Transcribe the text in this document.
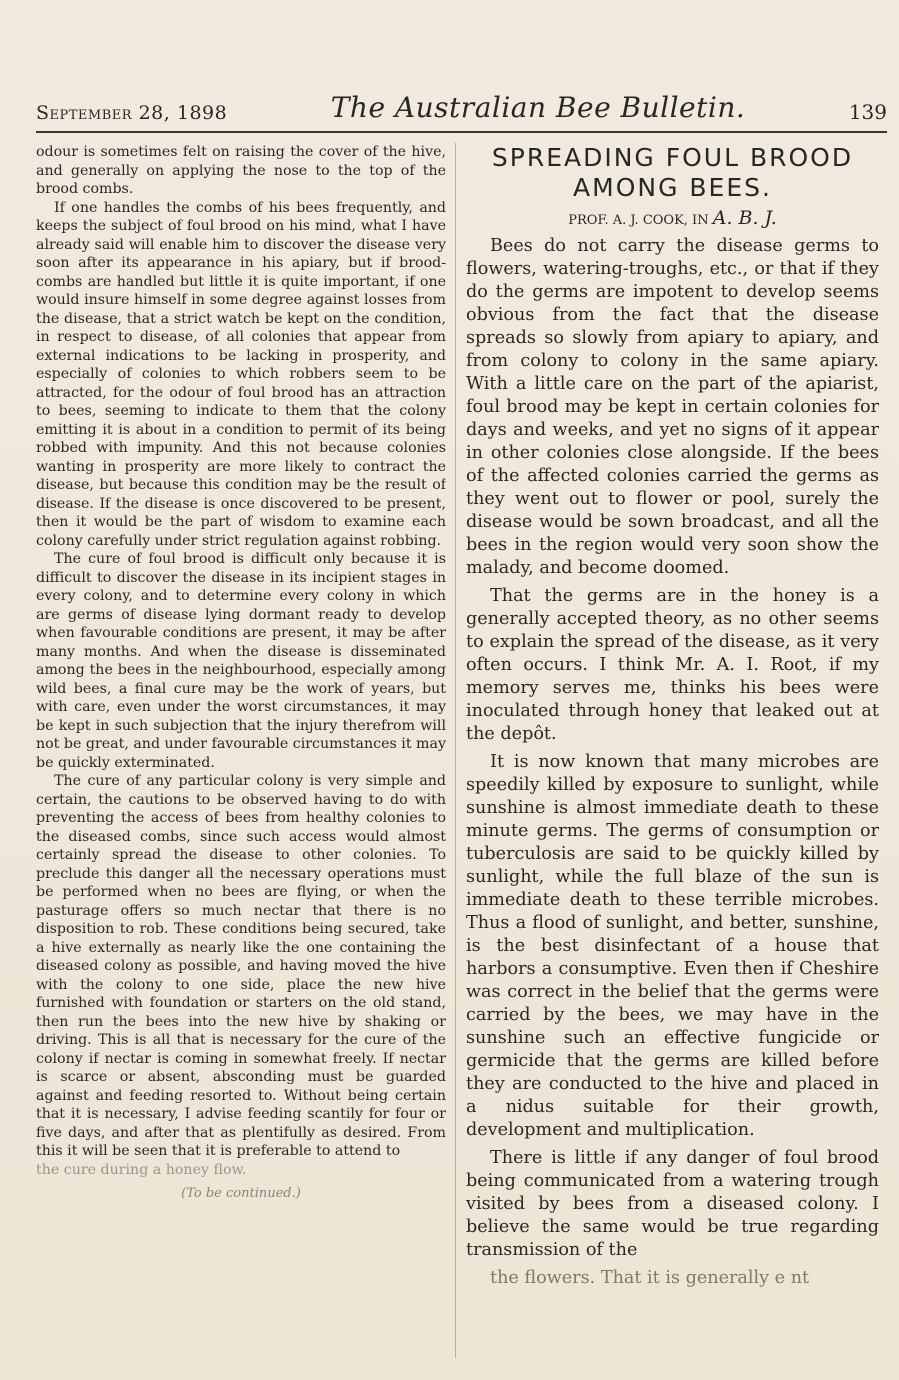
September 28, 1898	The Australian Bee Bulletin.	139

odour is sometimes felt on raising the cover of the hive, and generally on applying the nose to the top of the brood combs.

If one handles the combs of his bees frequently, and keeps the subject of foul brood on his mind, what I have already said will enable him to discover the disease very soon after its appearance in his apiary, but if brood-combs are handled but little it is quite important, if one would insure himself in some degree against losses from the disease, that a strict watch be kept on the condition, in respect to disease, of all colonies that appear from external indications to be lacking in prosperity, and especially of colonies to which robbers seem to be attracted, for the odour of foul brood has an attraction to bees, seeming to indicate to them that the colony emitting it is about in a condition to permit of its being robbed with impunity. And this not because colonies wanting in prosperity are more likely to contract the disease, but because this condition may be the result of disease. If the disease is once discovered to be present, then it would be the part of wisdom to examine each colony carefully under strict regulation against robbing.

The cure of foul brood is difficult only because it is difficult to discover the disease in its incipient stages in every colony, and to determine every colony in which are germs of disease lying dormant ready to develop when favourable conditions are present, it may be after many months. And when the disease is disseminated among the bees in the neighbourhood, especially among wild bees, a final cure may be the work of years, but with care, even under the worst circumstances, it may be kept in such subjection that the injury therefrom will not be great, and under favourable circumstances it may be quickly exterminated.

The cure of any particular colony is very simple and certain, the cautions to be observed having to do with preventing the access of bees from healthy colonies to the diseased combs, since such access would almost certainly spread the disease to other colonies. To preclude this danger all the necessary operations must be performed when no bees are flying, or when the pasturage offers so much nectar that there is no disposition to rob. These conditions being secured, take a hive externally as nearly like the one containing the diseased colony as possible, and having moved the hive with the colony to one side, place the new hive furnished with foundation or starters on the old stand, then run the bees into the new hive by shaking or driving. This is all that is necessary for the cure of the colony if nectar is coming in somewhat freely. If nectar is scarce or absent, absconding must be guarded against and feeding resorted to. Without being certain that it is necessary, I advise feeding scantily for four or five days, and after that as plentifully as desired. From this it will be seen that it is preferable to attend to

the cure during a honey flow.

(To be continued.)
SPREADING FOUL BROOD AMONG BEES.
PROF. A. J. COOK, IN A. B. J.

Bees do not carry the disease germs to flowers, watering-troughs, etc., or that if they do the germs are impotent to develop seems obvious from the fact that the disease spreads so slowly from apiary to apiary, and from colony to colony in the same apiary. With a little care on the part of the apiarist, foul brood may be kept in certain colonies for days and weeks, and yet no signs of it appear in other colonies close alongside. If the bees of the affected colonies carried the germs as they went out to flower or pool, surely the disease would be sown broadcast, and all the bees in the region would very soon show the malady, and become doomed.

That the germs are in the honey is a generally accepted theory, as no other seems to explain the spread of the disease, as it very often occurs. I think Mr. A. I. Root, if my memory serves me, thinks his bees were inoculated through honey that leaked out at the depôt.

It is now known that many microbes are speedily killed by exposure to sunlight, while sunshine is almost immediate death to these minute germs. The germs of consumption or tuberculosis are said to be quickly killed by sunlight, while the full blaze of the sun is immediate death to these terrible microbes. Thus a flood of sunlight, and better, sunshine, is the best disinfectant of a house that harbors a consumptive. Even then if Cheshire was correct in the belief that the germs were carried by the bees, we may have in the sunshine such an effective fungicide or germicide that the germs are killed before they are conducted to the hive and placed in a nidus suitable for their growth, development and multiplication.

There is little if any danger of foul brood being communicated from a watering trough visited by bees from a diseased colony. I believe the same would be true regarding transmission of the

the flowers. That it is generally e nt
